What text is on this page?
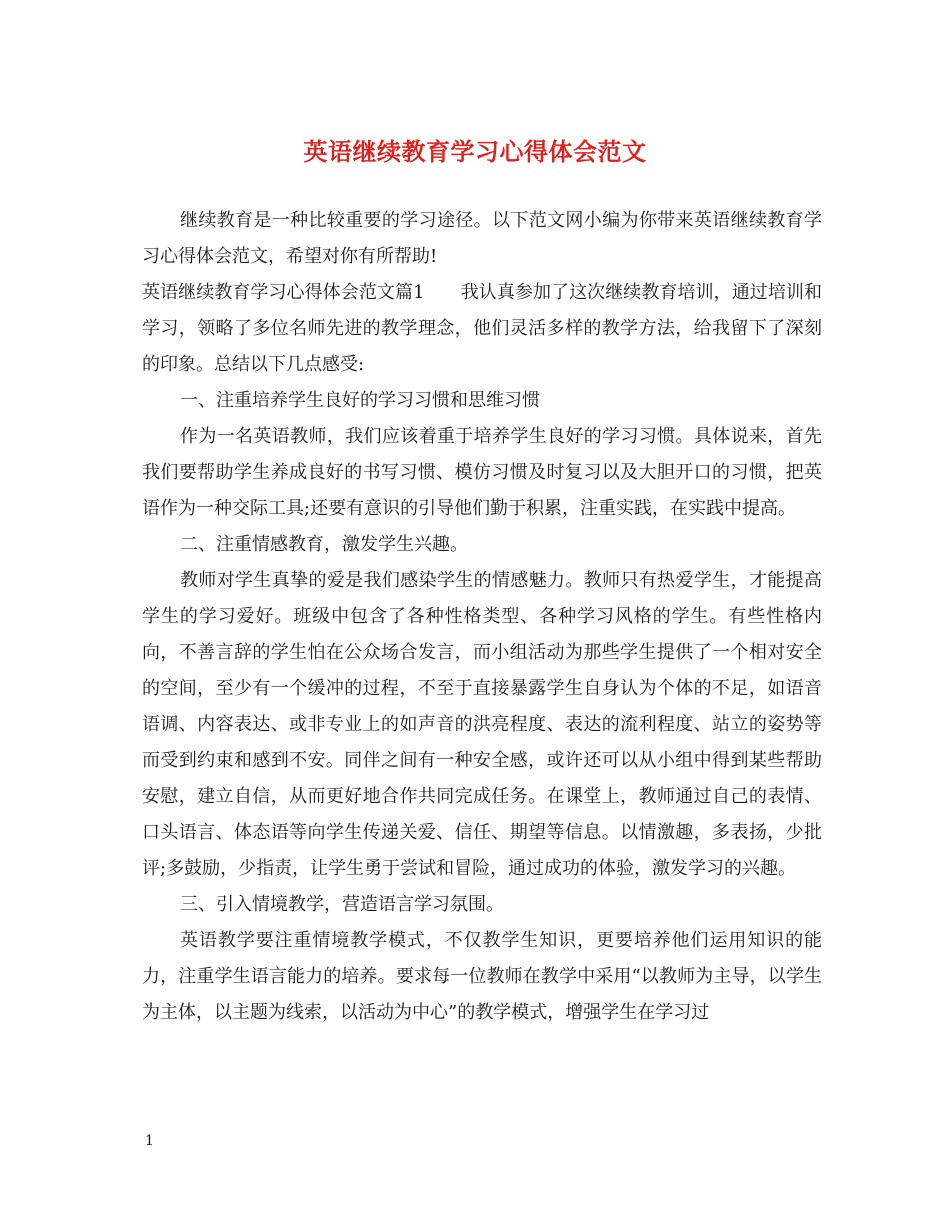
英语继续教育学习心得体会范文

继续教育是一种比较重要的学习途径。以下范文网小编为你带来英语继续教育学习心得体会范文，希望对你有所帮助!

英语继续教育学习心得体会范文篇1　　我认真参加了这次继续教育培训，通过培训和学习，领略了多位名师先进的教学理念，他们灵活多样的教学方法，给我留下了深刻的印象。总结以下几点感受:

一、注重培养学生良好的学习习惯和思维习惯

作为一名英语教师，我们应该着重于培养学生良好的学习习惯。具体说来，首先我们要帮助学生养成良好的书写习惯、模仿习惯及时复习以及大胆开口的习惯，把英语作为一种交际工具;还要有意识的引导他们勤于积累，注重实践，在实践中提高。

二、注重情感教育，激发学生兴趣。

教师对学生真挚的爱是我们感染学生的情感魅力。教师只有热爱学生，才能提高学生的学习爱好。班级中包含了各种性格类型、各种学习风格的学生。有些性格内向，不善言辞的学生怕在公众场合发言，而小组活动为那些学生提供了一个相对安全的空间，至少有一个缓冲的过程，不至于直接暴露学生自身认为个体的不足，如语音语调、内容表达、或非专业上的如声音的洪亮程度、表达的流利程度、站立的姿势等而受到约束和感到不安。同伴之间有一种安全感，或许还可以从小组中得到某些帮助安慰，建立自信，从而更好地合作共同完成任务。在课堂上，教师通过自己的表情、口头语言、体态语等向学生传递关爱、信任、期望等信息。以情激趣，多表扬，少批评;多鼓励，少指责，让学生勇于尝试和冒险，通过成功的体验，激发学习的兴趣。

三、引入情境教学，营造语言学习氛围。

英语教学要注重情境教学模式，不仅教学生知识，更要培养他们运用知识的能力，注重学生语言能力的培养。要求每一位教师在教学中采用“以教师为主导，以学生为主体，以主题为线索，以活动为中心”的教学模式，增强学生在学习过

1
